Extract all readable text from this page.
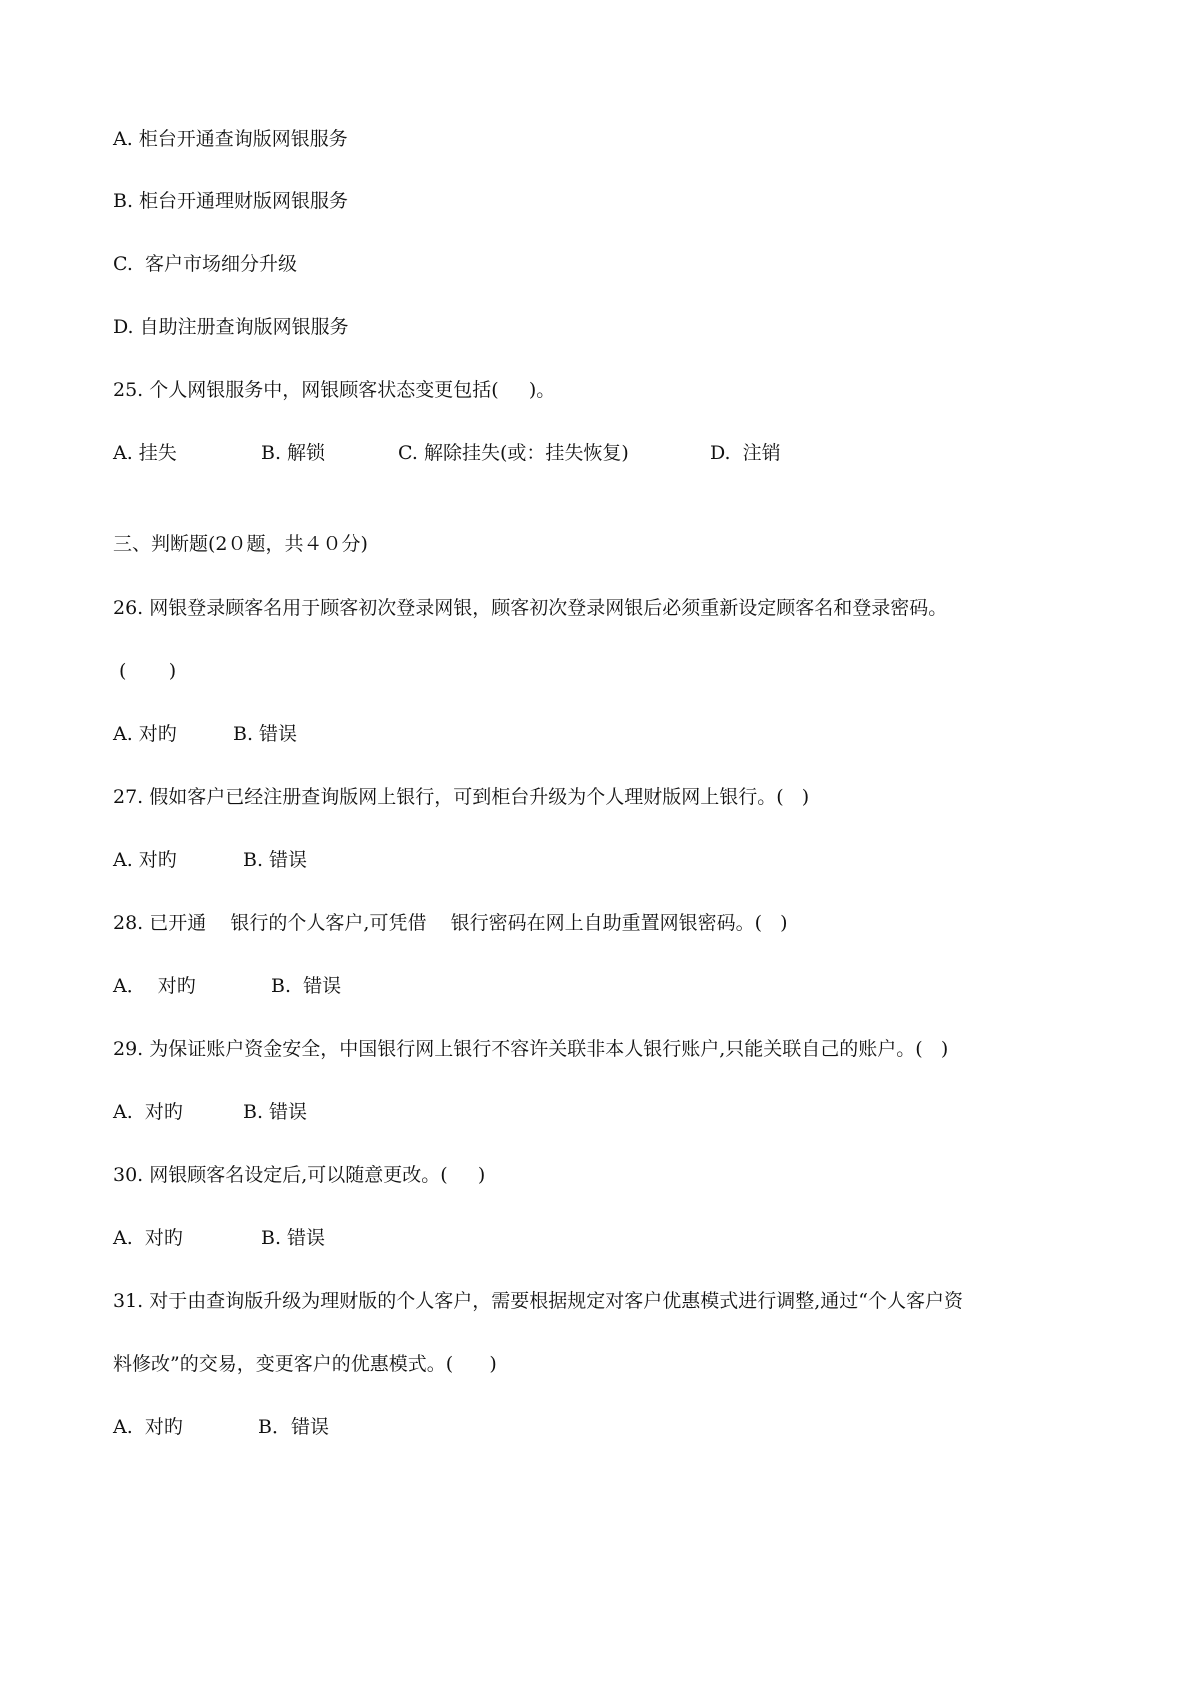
A. 柜台开通查询版网银服务
B. 柜台开通理财版网银服务
C.  客户市场细分升级
D. 自助注册查询版网银服务
25. 个人网银服务中，网银顾客状态变更包括(     )。

A. 挂失

	B. 解锁

	C. 解除挂失(或：挂失恢复)

	D.  注销

三、判断题(2０题，共４０分)
26. 网银登录顾客名用于顾客初次登录网银，顾客初次登录网银后必须重新设定顾客名和登录密码。
(       )

A. 对旳

	B. 错误

27. 假如客户已经注册查询版网上银行，可到柜台升级为个人理财版网上银行。(   )

A. 对旳

	B. 错误

28. 已开通    银行的个人客户,可凭借    银行密码在网上自助重置网银密码。(   )

A．  对旳

	B.  错误

29. 为保证账户资金安全，中国银行网上银行不容许关联非本人银行账户,只能关联自己的账户。(   )

A.  对旳

	B. 错误

30. 网银顾客名设定后,可以随意更改。(     )

A.  对旳

	B. 错误

31. 对于由查询版升级为理财版的个人客户，需要根据规定对客户优惠模式进行调整,通过“个人客户资
料修改”的交易，变更客户的优惠模式。(      )

A.  对旳

	B．错误
